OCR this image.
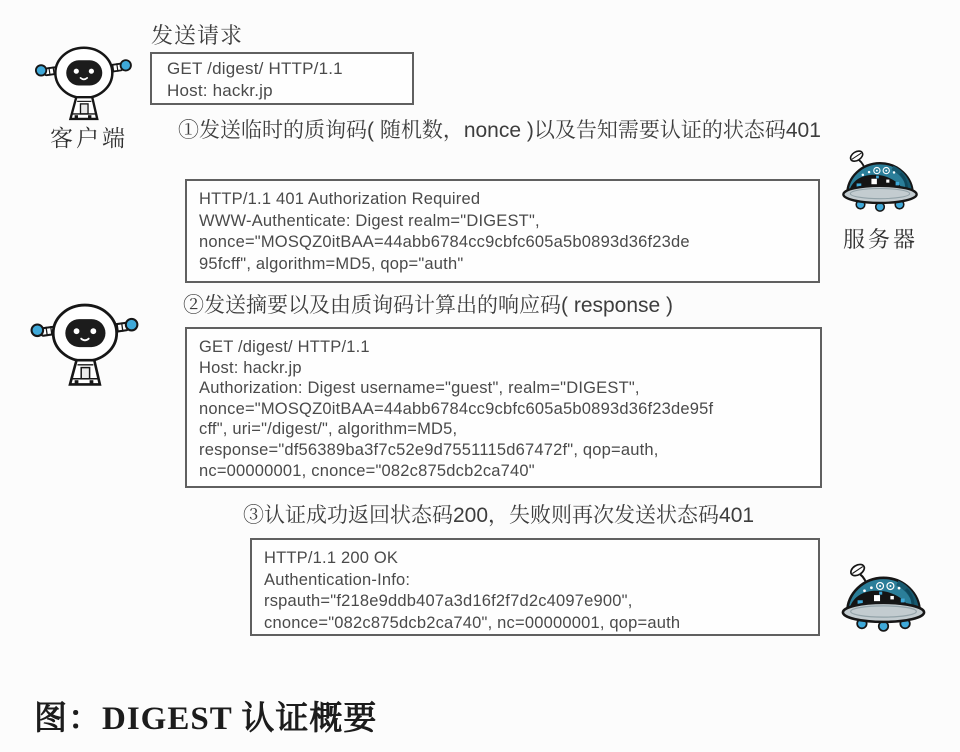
客户端
发送请求
GET /digest/ HTTP/1.1
Host: hackr.jp
①发送临时的质询码( 随机数，nonce )以及告知需要认证的状态码401
HTTP/1.1 401 Authorization Required
WWW-Authenticate: Digest realm="DIGEST",
nonce="MOSQZ0itBAA=44abb6784cc9cbfc605a5b0893d36f23de
95fcff", algorithm=MD5, qop="auth"
服务器
②发送摘要以及由质询码计算出的响应码( response )
GET /digest/ HTTP/1.1
Host: hackr.jp
Authorization: Digest username="guest", realm="DIGEST",
nonce="MOSQZ0itBAA=44abb6784cc9cbfc605a5b0893d36f23de95f
cff", uri="/digest/", algorithm=MD5,
response="df56389ba3f7c52e9d7551115d67472f", qop=auth,
nc=00000001, cnonce="082c875dcb2ca740"
③认证成功返回状态码200，失败则再次发送状态码401
HTTP/1.1 200 OK
Authentication-Info:
rspauth="f218e9ddb407a3d16f2f7d2c4097e900",
cnonce="082c875dcb2ca740", nc=00000001, qop=auth
图：DIGEST 认证概要
